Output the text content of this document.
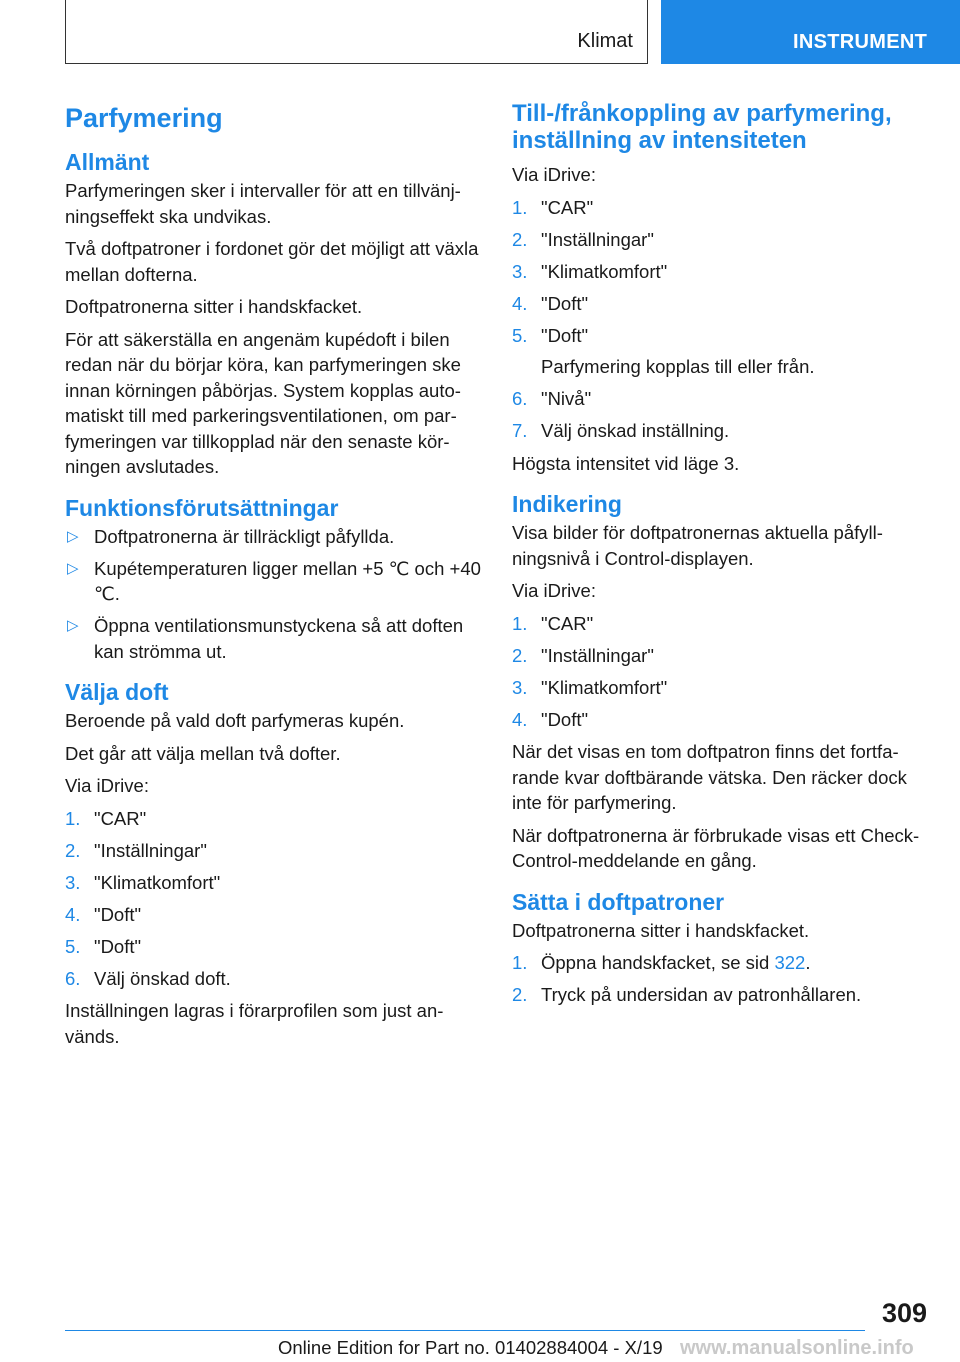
Klimat	INSTRUMENT
Parfymering
Allmänt

Parfymeringen sker i intervaller för att en tillvänj-ningseffekt ska undvikas.

Två doftpatroner i fordonet gör det möjligt att växla mellan dofterna.

Doftpatronerna sitter i handskfacket.

För att säkerställa en angenäm kupédoft i bilen redan när du börjar köra, kan parfymeringen ske innan körningen påbörjas. System kopplas auto-matiskt till med parkeringsventilationen, om par-fymeringen var tillkopplad när den senaste kör-ningen avslutades.

Funktionsförutsättningar
▷ Doftpatronerna är tillräckligt påfyllda.
▷ Kupétemperaturen ligger mellan +5 ℃ och +40 ℃.
▷ Öppna ventilationsmunstyckena så att doften kan strömma ut.
Välja doft

Beroende på vald doft parfymeras kupén.

Det går att välja mellan två dofter.

Via iDrive:

1. "CAR"
2. "Inställningar"
3. "Klimatkomfort"
4. "Doft"
5. "Doft"
6. Välj önskad doft.

Inställningen lagras i förarprofilen som just an-vänds.

Till-/frånkoppling av parfymering, inställning av intensiteten

Via iDrive:

1. "CAR"
2. "Inställningar"
3. "Klimatkomfort"
4. "Doft"
5. "Doft"
Parfymering kopplas till eller från.
6. "Nivå"
7. Välj önskad inställning.

Högsta intensitet vid läge 3.

Indikering

Visa bilder för doftpatronernas aktuella påfyll-ningsnivå i Control-displayen.

Via iDrive:

1. "CAR"
2. "Inställningar"
3. "Klimatkomfort"
4. "Doft"

När det visas en tom doftpatron finns det fortfa-rande kvar doftbärande vätska. Den räcker dock inte för parfymering.

När doftpatronerna är förbrukade visas ett Check-Control-meddelande en gång.

Sätta i doftpatroner

Doftpatronerna sitter i handskfacket.

1. Öppna handskfacket, se sid 322.
2. Tryck på undersidan av patronhållaren.
309
Online Edition for Part no. 01402884004 - X/19 www.manualsonline.info
